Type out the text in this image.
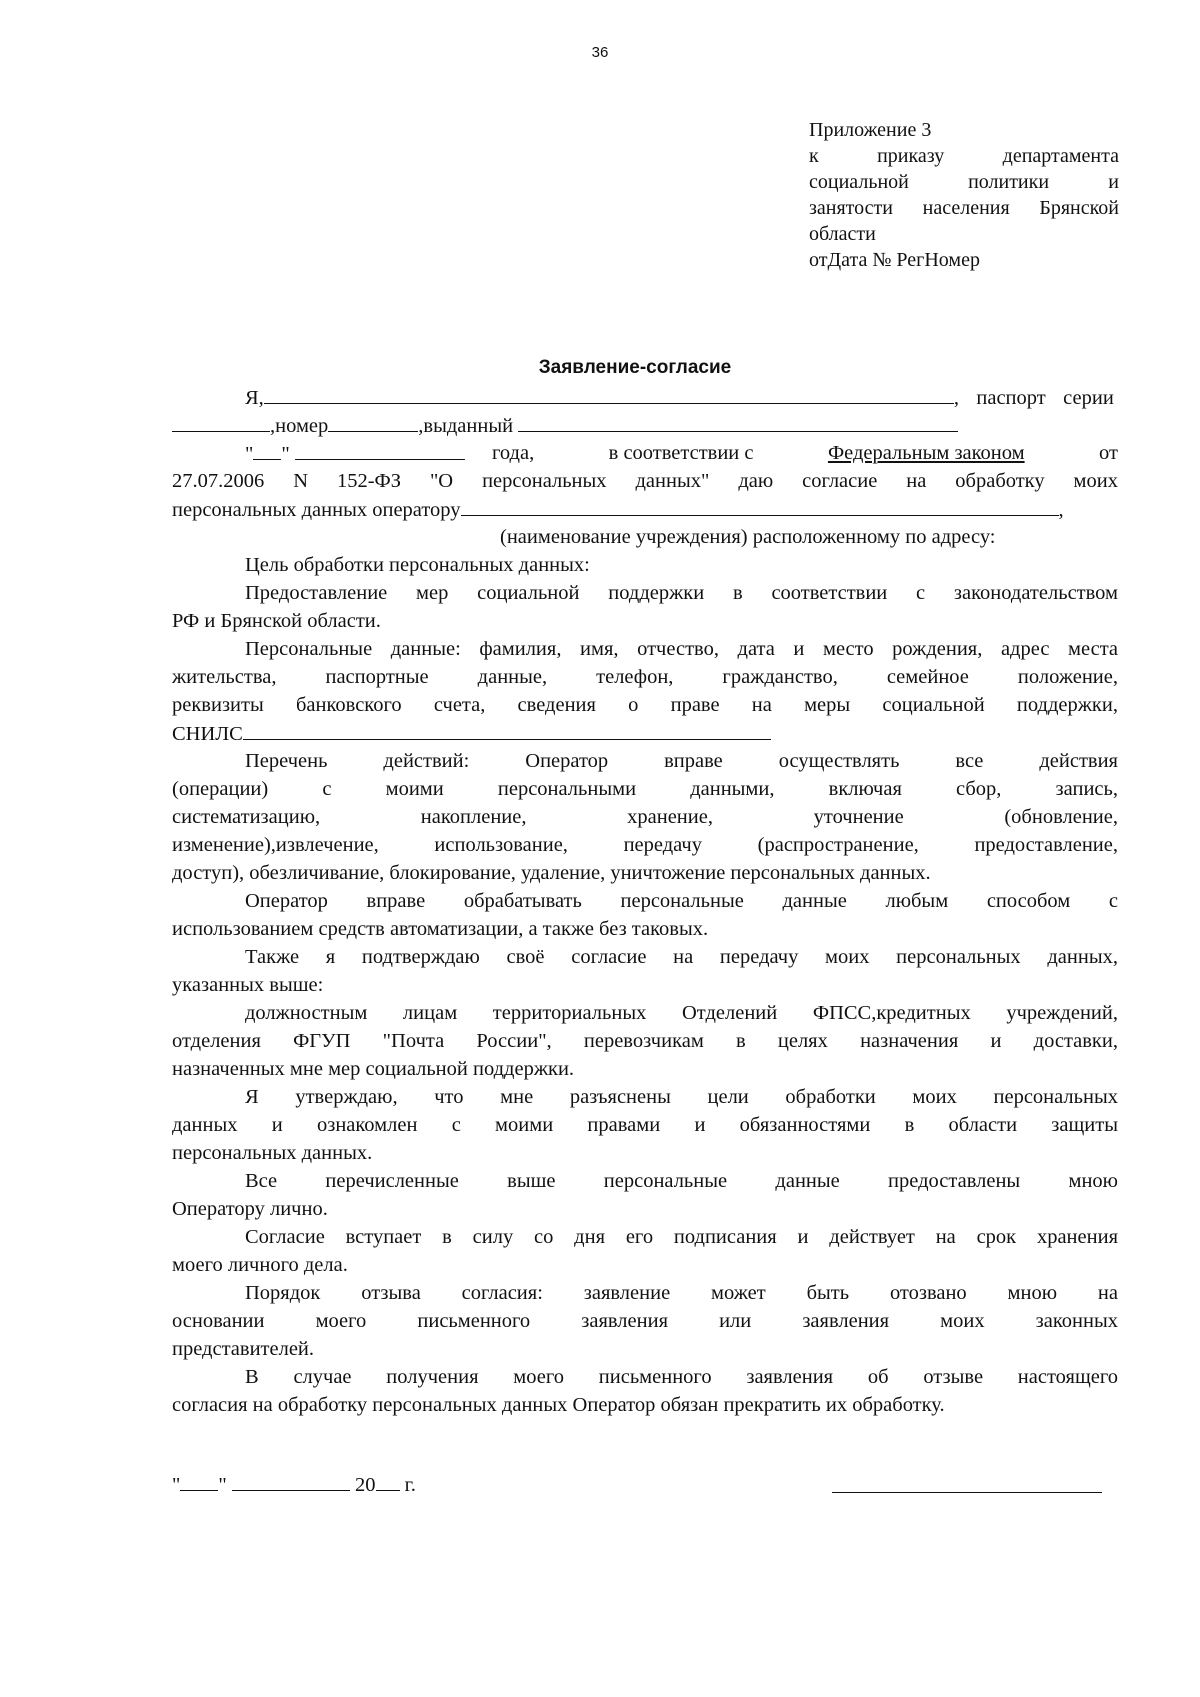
36
Приложение 3
к приказу департамента
социальной политики и
занятости населения Брянской
области
отДата № РегНомер
Заявление-согласие
Я,	, паспорт серии
,номер	,выданный
" "	года,	в соответствии с	Федеральным законом	от
27.07.2006 N 152-ФЗ "О персональных данных" даю согласие на обработку моих
персональных данных оператору	,
(наименование учреждения) расположенному по адресу:
Цель обработки персональных данных:
Предоставление мер социальной поддержки в соответствии с законодательством
РФ и Брянской области.
Персональные данные: фамилия, имя, отчество, дата и место рождения, адрес места
жительства, паспортные данные, телефон, гражданство, семейное положение,
реквизиты банковского счета, сведения о праве на меры социальной поддержки,
СНИЛС
Перечень действий: Оператор вправе осуществлять все действия
(операции) с моими персональными данными, включая сбор, запись,
систематизацию, накопление, хранение, уточнение (обновление,
изменение),извлечение, использование, передачу (распространение, предоставление,
доступ), обезличивание, блокирование, удаление, уничтожение персональных данных.
Оператор вправе обрабатывать персональные данные любым способом с
использованием средств автоматизации, а также без таковых.
Также я подтверждаю своё согласие на передачу моих персональных данных,
указанных выше:
должностным лицам территориальных Отделений ФПСС,кредитных учреждений,
отделения ФГУП "Почта России", перевозчикам в целях назначения и доставки,
назначенных мне мер социальной поддержки.
Я утверждаю, что мне разъяснены цели обработки моих персональных
данных и ознакомлен с моими правами и обязанностями в области защиты
персональных данных.
Все перечисленные выше персональные данные предоставлены мною
Оператору лично.
Согласие вступает в силу со дня его подписания и действует на срок хранения
моего личного дела.
Порядок отзыва согласия: заявление может быть отозвано мною на
основании моего письменного заявления или заявления моих законных
представителей.
В случае получения моего письменного заявления об отзыве настоящего
согласия на обработку персональных данных Оператор обязан прекратить их обработку.
" "	20 г.
